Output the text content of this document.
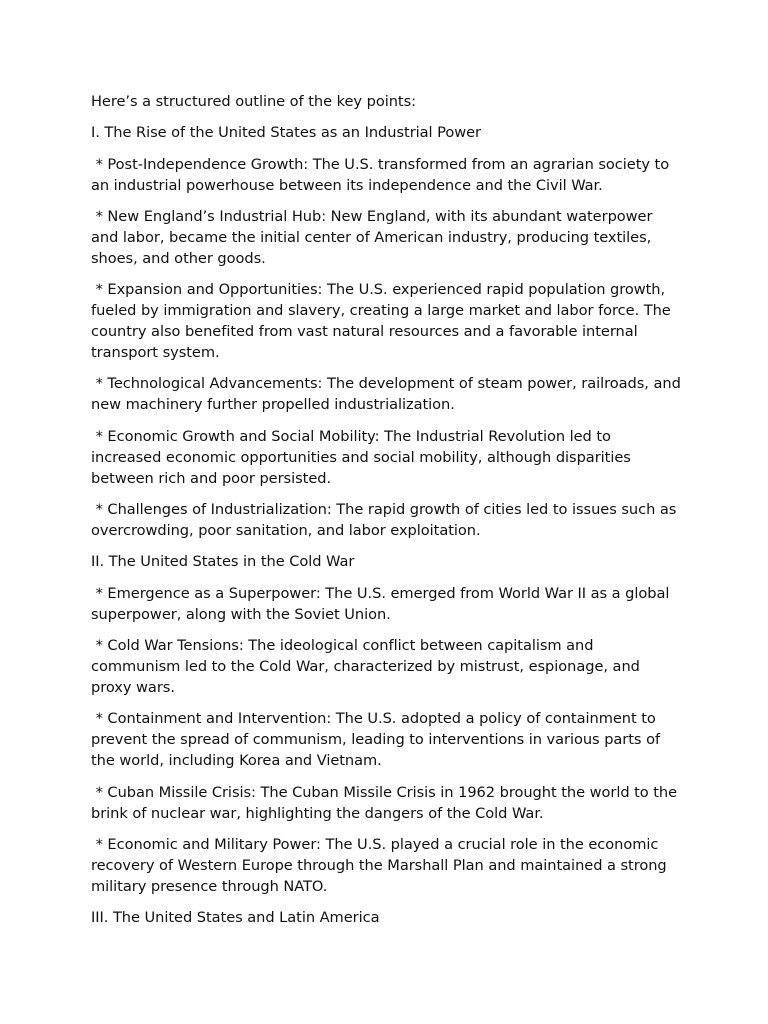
Here’s a structured outline of the key points:

I. The Rise of the United States as an Industrial Power

* Post-Independence Growth: The U.S. transformed from an agrarian society to an industrial powerhouse between its independence and the Civil War.

* New England’s Industrial Hub: New England, with its abundant waterpower and labor, became the initial center of American industry, producing textiles, shoes, and other goods.

* Expansion and Opportunities: The U.S. experienced rapid population growth, fueled by immigration and slavery, creating a large market and labor force. The country also benefited from vast natural resources and a favorable internal transport system.

* Technological Advancements: The development of steam power, railroads, and new machinery further propelled industrialization.

* Economic Growth and Social Mobility: The Industrial Revolution led to increased economic opportunities and social mobility, although disparities between rich and poor persisted.

* Challenges of Industrialization: The rapid growth of cities led to issues such as overcrowding, poor sanitation, and labor exploitation.

II. The United States in the Cold War

* Emergence as a Superpower: The U.S. emerged from World War II as a global superpower, along with the Soviet Union.

* Cold War Tensions: The ideological conflict between capitalism and communism led to the Cold War, characterized by mistrust, espionage, and proxy wars.

* Containment and Intervention: The U.S. adopted a policy of containment to prevent the spread of communism, leading to interventions in various parts of the world, including Korea and Vietnam.

* Cuban Missile Crisis: The Cuban Missile Crisis in 1962 brought the world to the brink of nuclear war, highlighting the dangers of the Cold War.

* Economic and Military Power: The U.S. played a crucial role in the economic recovery of Western Europe through the Marshall Plan and maintained a strong military presence through NATO.

III. The United States and Latin America
